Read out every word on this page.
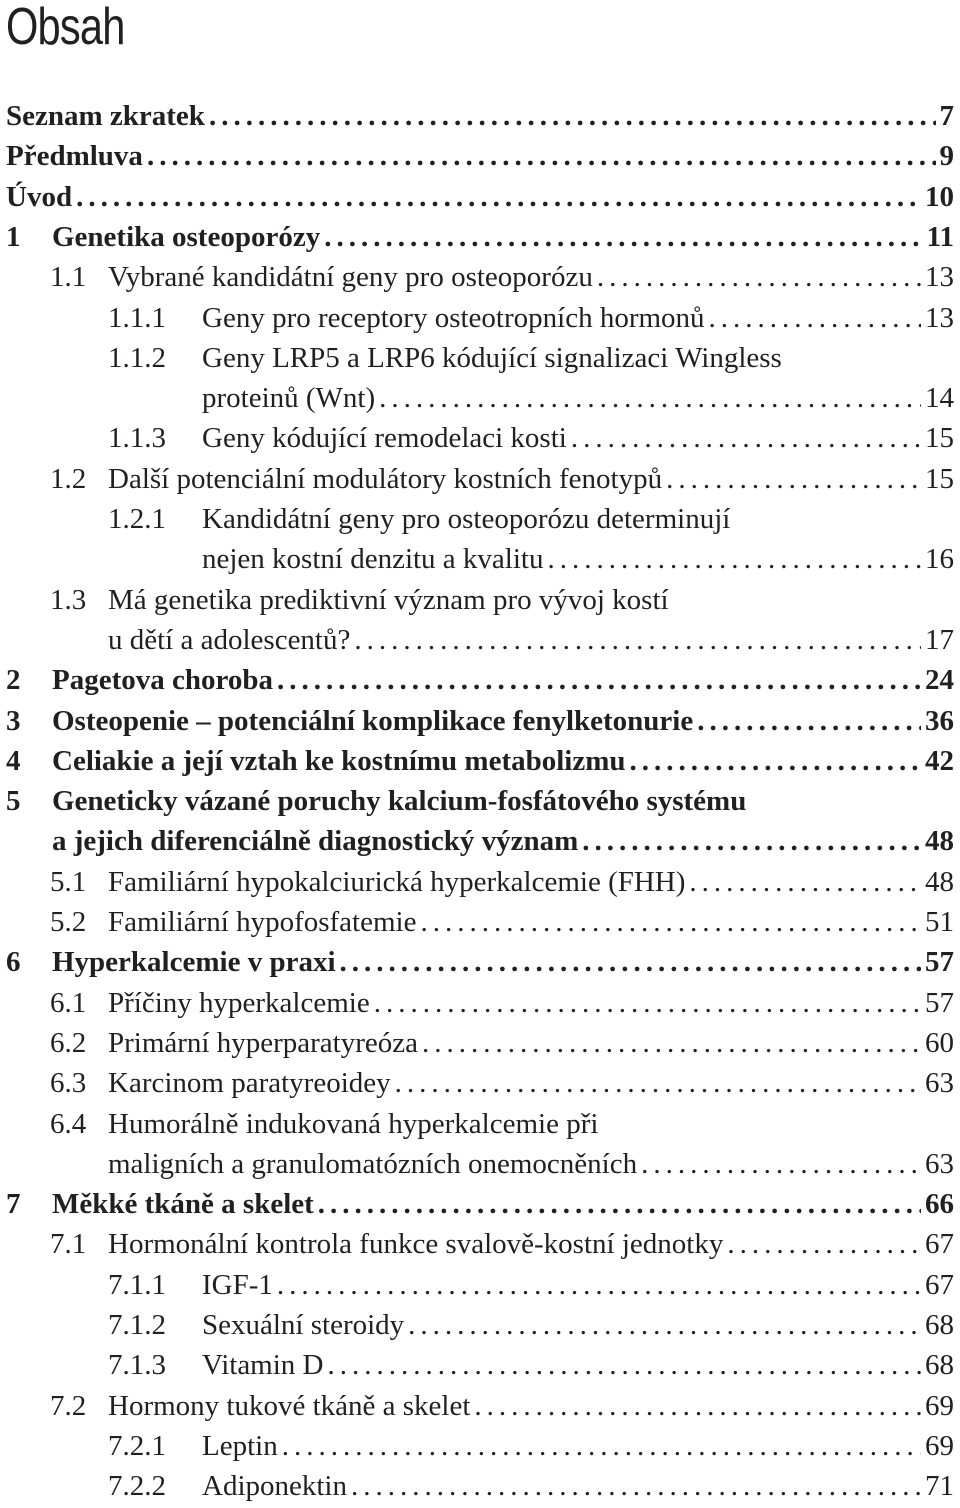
Obsah
Seznam zkratek .....	7
Předmluva .....	9
Úvod .....	10
1 Genetika osteoporózy .....	11
1.1 Vybrané kandidátní geny pro osteoporózu .....	13
1.1.1 Geny pro receptory osteotropních hormonů .....	13
1.1.2 Geny LRP5 a LRP6 kódující signalizaci Wingless
proteinů (Wnt) .....	14
1.1.3 Geny kódující remodelaci kosti .....	15
1.2 Další potenciální modulátory kostních fenotypů .....	15
1.2.1 Kandidátní geny pro osteoporózu determinují
nejen kostní denzitu a kvalitu .....	16
1.3 Má genetika prediktivní význam pro vývoj kostí
u dětí a adolescentů? .....	17
2 Pagetova choroba .....	24
3 Osteopenie – potenciální komplikace fenylketonurie .....	36
4 Celiakie a její vztah ke kostnímu metabolizmu .....	42
5 Geneticky vázané poruchy kalcium-fosfátového systému
a jejich diferenciálně diagnostický význam .....	48
5.1 Familiární hypokalciurická hyperkalcemie (FHH) .....	48
5.2 Familiární hypofosfatemie .....	51
6 Hyperkalcemie v praxi .....	57
6.1 Příčiny hyperkalcemie .....	57
6.2 Primární hyperparatyreóza .....	60
6.3 Karcinom paratyreoidey .....	63
6.4 Humorálně indukovaná hyperkalcemie při
maligních a granulomatózních onemocněních .....	63
7 Měkké tkáně a skelet .....	66
7.1 Hormonální kontrola funkce svalově-kostní jednotky .....	67
7.1.1 IGF-1 .....	67
7.1.2 Sexuální steroidy .....	68
7.1.3 Vitamin D .....	68
7.2 Hormony tukové tkáně a skelet .....	69
7.2.1 Leptin .....	69
7.2.2 Adiponektin .....	71
